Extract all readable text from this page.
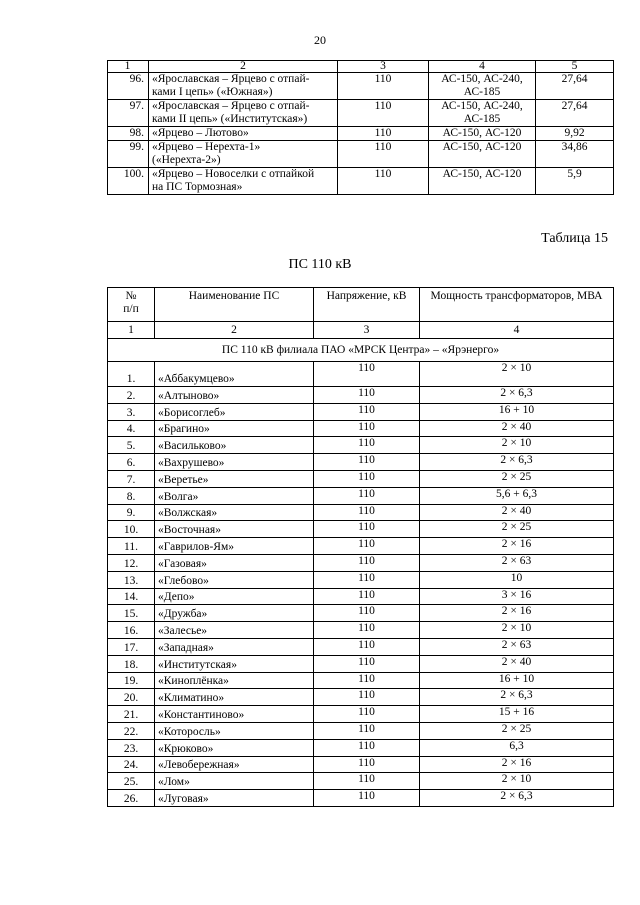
20
1	2	3	4	5
96.	«Ярославская – Ярцево с отпай-
ками I цепь» («Южная»)	110	АС-150, АС-240,
АС-185	27,64
97.	«Ярославская – Ярцево с отпай-
ками II цепь» («Институтская»)	110	АС-150, АС-240,
АС-185	27,64
98.	«Ярцево – Лютово»	110	АС-150, АС-120	9,92
99.	«Ярцево – Нерехта-1»
(«Нерехта-2»)	110	АС-150, АС-120	34,86
100.	«Ярцево – Новоселки с отпайкой
на ПС Тормозная»	110	АС-150, АС-120	5,9
Таблица 15
ПС 110 кВ
№
п/п	Наименование ПС	Напряжение, кВ	Мощность трансформаторов, МВА
1	2	3	4
ПС 110 кВ филиала ПАО «МРСК Центра» – «Ярэнерго»			
1.	«Аббакумцево»	110	2 × 10
2.	«Алтыново»	110	2 × 6,3
3.	«Борисоглеб»	110	16 + 10
4.	«Брагино»	110	2 × 40
5.	«Васильково»	110	2 × 10
6.	«Вахрушево»	110	2 × 6,3
7.	«Веретье»	110	2 × 25
8.	«Волга»	110	5,6 + 6,3
9.	«Волжская»	110	2 × 40
10.	«Восточная»	110	2 × 25
11.	«Гаврилов-Ям»	110	2 × 16
12.	«Газовая»	110	2 × 63
13.	«Глебово»	110	10
14.	«Депо»	110	3 × 16
15.	«Дружба»	110	2 × 16
16.	«Залесье»	110	2 × 10
17.	«Западная»	110	2 × 63
18.	«Институтская»	110	2 × 40
19.	«Киноплёнка»	110	16 + 10
20.	«Климатино»	110	2 × 6,3
21.	«Константиново»	110	15 + 16
22.	«Которосль»	110	2 × 25
23.	«Крюково»	110	6,3
24.	«Левобережная»	110	2 × 16
25.	«Лом»	110	2 × 10
26.	«Луговая»	110	2 × 6,3
